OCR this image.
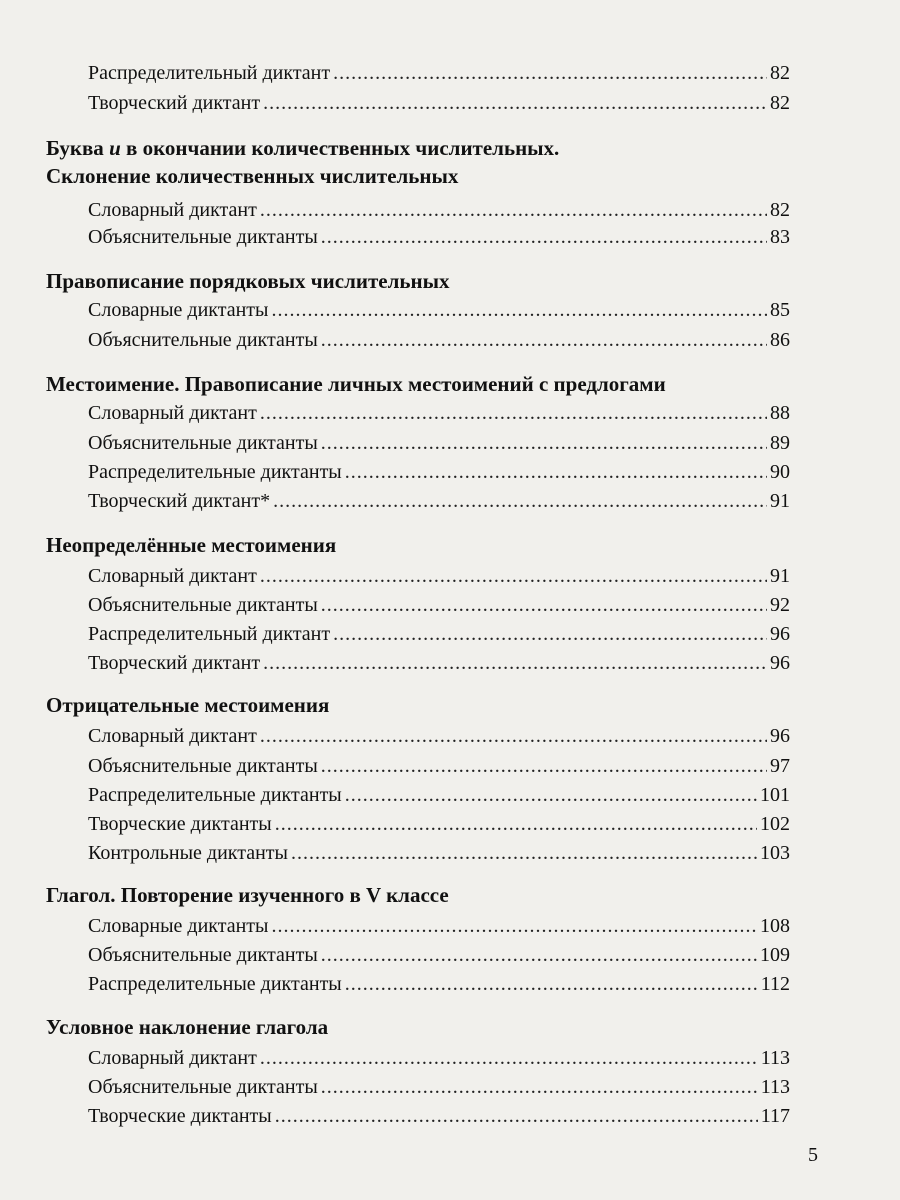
Распределительный диктант .....	82
Творческий диктант .....	82
Буква и в окончании количественных числительных.
Склонение количественных числительных
Словарный диктант .....	82
Объяснительные диктанты .....	83
Правописание порядковых числительных
Словарные диктанты .....	85
Объяснительные диктанты .....	86
Местоимение. Правописание личных местоимений с предлогами
Словарный диктант .....	88
Объяснительные диктанты .....	89
Распределительные диктанты .....	90
Творческий диктант* .....	91
Неопределённые местоимения
Словарный диктант .....	91
Объяснительные диктанты .....	92
Распределительный диктант .....	96
Творческий диктант .....	96
Отрицательные местоимения
Словарный диктант .....	96
Объяснительные диктанты .....	97
Распределительные диктанты .....	101
Творческие диктанты .....	102
Контрольные диктанты .....	103
Глагол. Повторение изученного в V классе
Словарные диктанты .....	108
Объяснительные диктанты .....	109
Распределительные диктанты .....	112
Условное наклонение глагола
Словарный диктант .....	113
Объяснительные диктанты .....	113
Творческие диктанты .....	117
5
